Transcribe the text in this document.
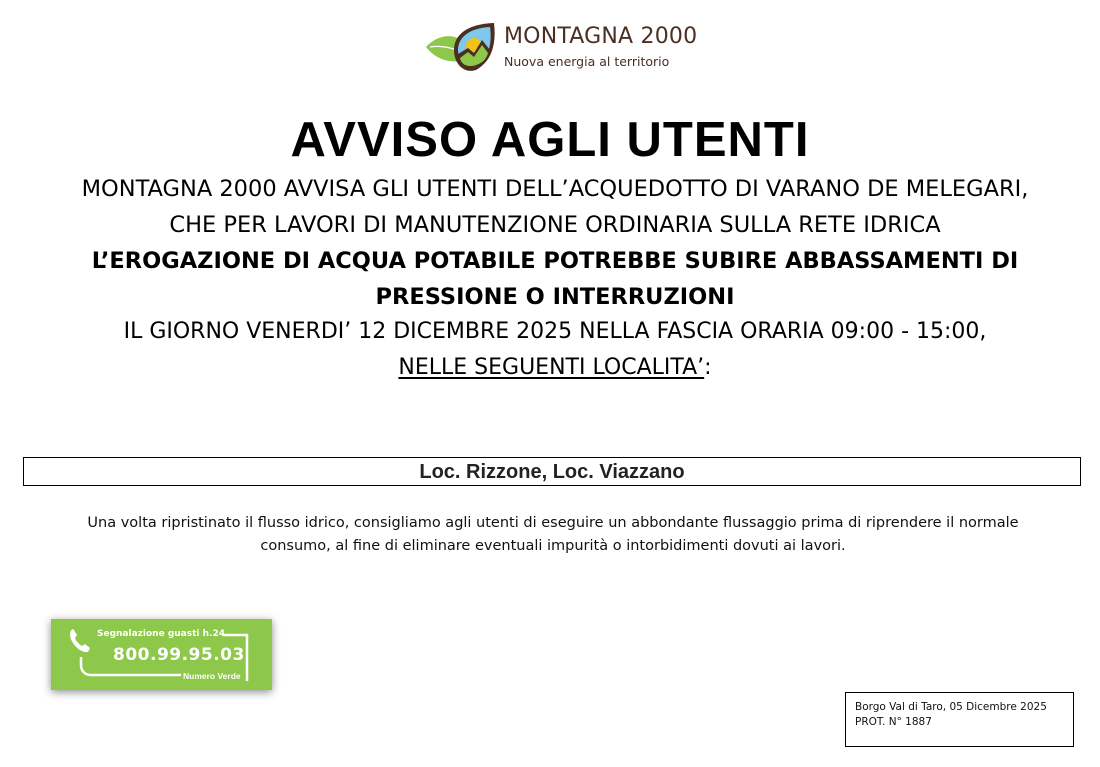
MONTAGNA 2000
Nuova energia al territorio
AVVISO AGLI UTENTI
MONTAGNA 2000 AVVISA GLI UTENTI DELL’ACQUEDOTTO DI VARANO DE MELEGARI,
CHE PER LAVORI DI MANUTENZIONE ORDINARIA SULLA RETE IDRICA
L’EROGAZIONE DI ACQUA POTABILE POTREBBE SUBIRE ABBASSAMENTI DI
PRESSIONE O INTERRUZIONI
IL GIORNO VENERDI’ 12 DICEMBRE 2025 NELLA FASCIA ORARIA 09:00 - 15:00,
NELLE SEGUENTI LOCALITA’:
Loc. Rizzone, Loc. Viazzano
Una volta ripristinato il flusso idrico, consigliamo agli utenti di eseguire un abbondante flussaggio prima di riprendere il normale
consumo, al fine di eliminare eventuali impurità o intorbidimenti dovuti ai lavori.
Segnalazione guasti h.24
800.99.95.03
Numero Verde
Borgo Val di Taro, 05 Dicembre 2025
PROT. N° 1887
